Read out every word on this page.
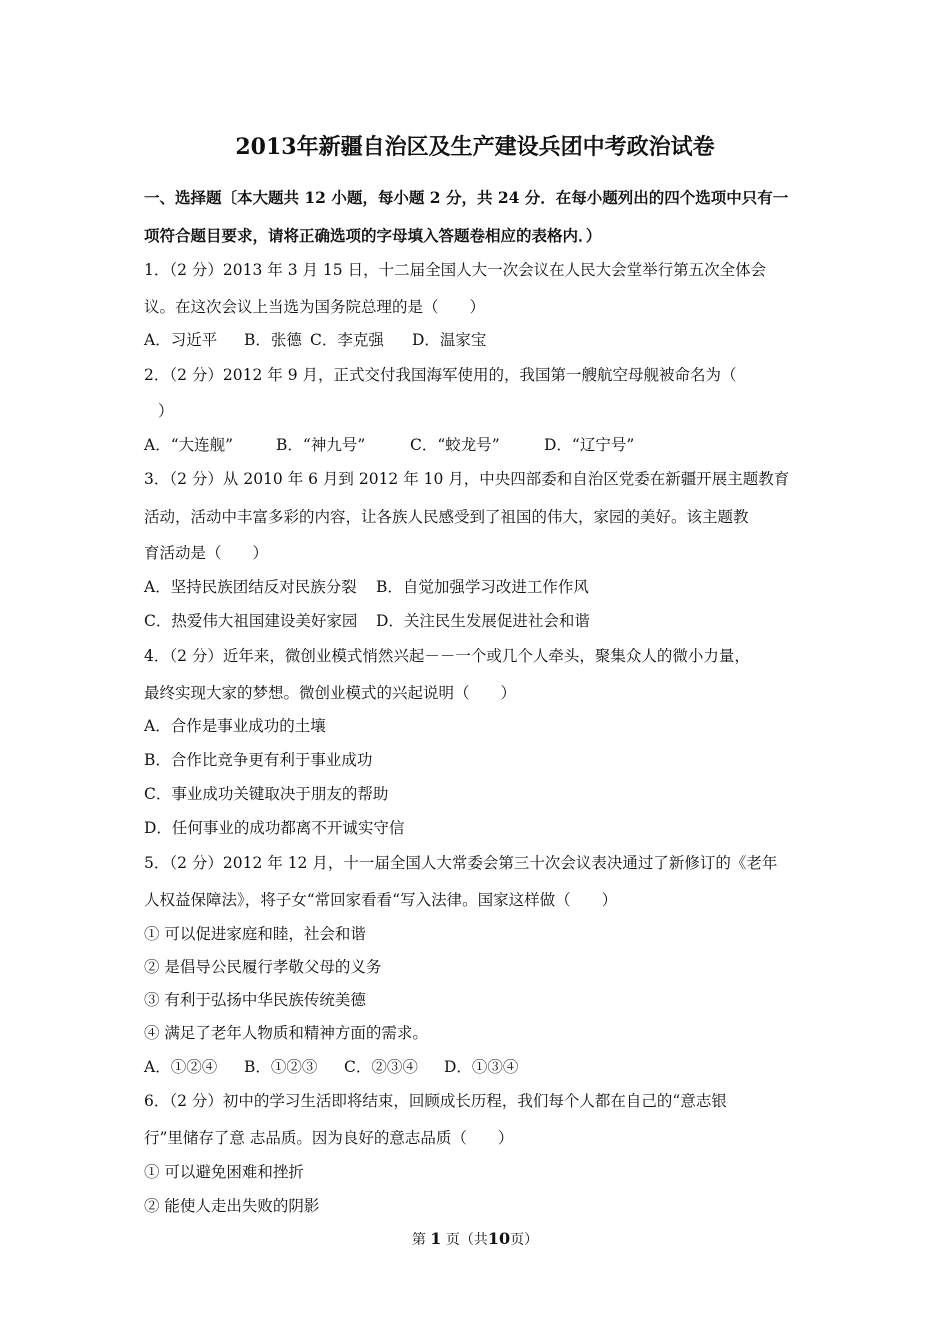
2013年新疆自治区及生产建设兵团中考政治试卷
一、选择题〔本大题共 12 小题，每小题 2 分，共 24 分．在每小题列出的四个选项中只有一
项符合题目要求，请将正确选项的字母填入答题卷相应的表格内．）
1．（2 分）2013 年 3 月 15 日，十二届全国人大一次会议在人民大会堂举行第五次全体会
议。在这次会议上当选为国务院总理的是（　　）
A．习近平 B．张德 C．李克强 D．温家宝
2．（2 分）2012 年 9 月，正式交付我国海军使用的，我国第一艘航空母舰被命名为（
）
A．“大连舰”	B．“神九号”	C．“蛟龙号”	D．“辽宁号”
3．（2 分）从 2010 年 6 月到 2012 年 10 月，中央四部委和自治区党委在新疆开展主题教育
活动，活动中丰富多彩的内容，让各族人民感受到了祖国的伟大，家园的美好。该主题教
育活动是（　　）
A．坚持民族团结反对民族分裂 B．自觉加强学习改进工作作风
C．热爱伟大祖国建设美好家园 D．关注民生发展促进社会和谐
4．（2 分）近年来，微创业模式悄然兴起－－一个或几个人牵头，聚集众人的微小力量，
最终实现大家的梦想。微创业模式的兴起说明（　　）
A．合作是事业成功的土壤
B．合作比竞争更有利于事业成功
C．事业成功关键取决于朋友的帮助
D．任何事业的成功都离不开诚实守信
5．（2 分）2012 年 12 月，十一届全国人大常委会第三十次会议表决通过了新修订的《老年
人权益保障法》，将子女“常回家看看“写入法律。国家这样做（　　）
① 可以促进家庭和睦，社会和谐
② 是倡导公民履行孝敬父母的义务
③ 有利于弘扬中华民族传统美德
④ 满足了老年人物质和精神方面的需求。
A．①②④ B．①②③ C．②③④ D．①③④
6．（2 分）初中的学习生活即将结束，回顾成长历程，我们每个人都在自己的“意志银
行”里储存了意 志品质。因为良好的意志品质（　　）
① 可以避免困难和挫折
② 能使人走出失败的阴影
第 1 页（共10页）
